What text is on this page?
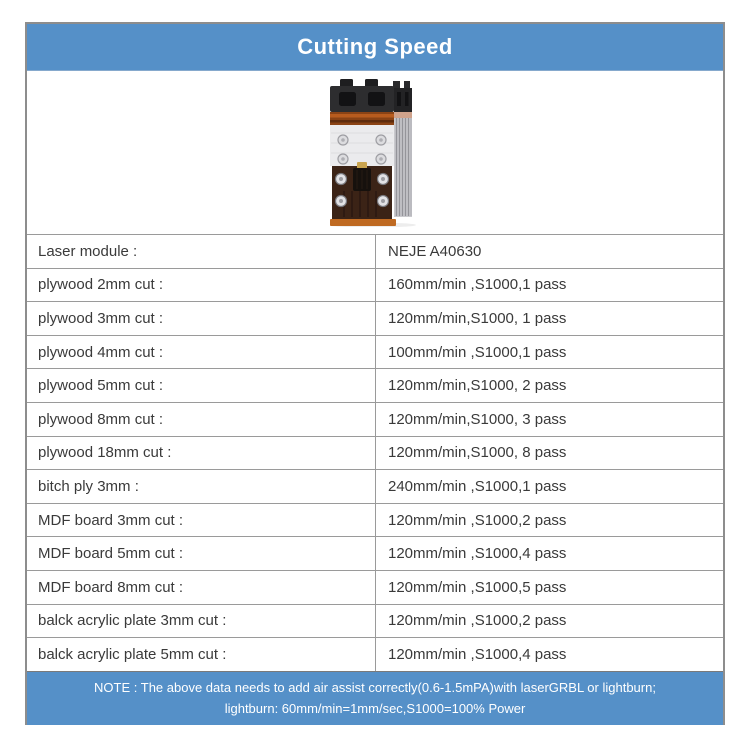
Cutting Speed
Laser module :	NEJE A40630
plywood 2mm cut :	160mm/min ,S1000,1 pass
plywood 3mm cut :	120mm/min,S1000, 1 pass
plywood 4mm cut :	100mm/min ,S1000,1 pass
plywood 5mm cut :	120mm/min,S1000, 2 pass
plywood 8mm cut :	120mm/min,S1000, 3 pass
plywood 18mm cut :	120mm/min,S1000, 8 pass
bitch ply 3mm :	240mm/min ,S1000,1 pass
MDF board 3mm cut :	120mm/min ,S1000,2 pass
MDF board 5mm cut :	120mm/min ,S1000,4 pass
MDF board 8mm cut :	120mm/min ,S1000,5 pass
balck acrylic plate 3mm cut :	120mm/min ,S1000,2 pass
balck acrylic plate 5mm cut :	120mm/min ,S1000,4 pass
NOTE : The above data needs to add air assist correctly(0.6-1.5mPA)with laserGRBL or lightburn;
lightburn: 60mm/min=1mm/sec,S1000=100% Power
